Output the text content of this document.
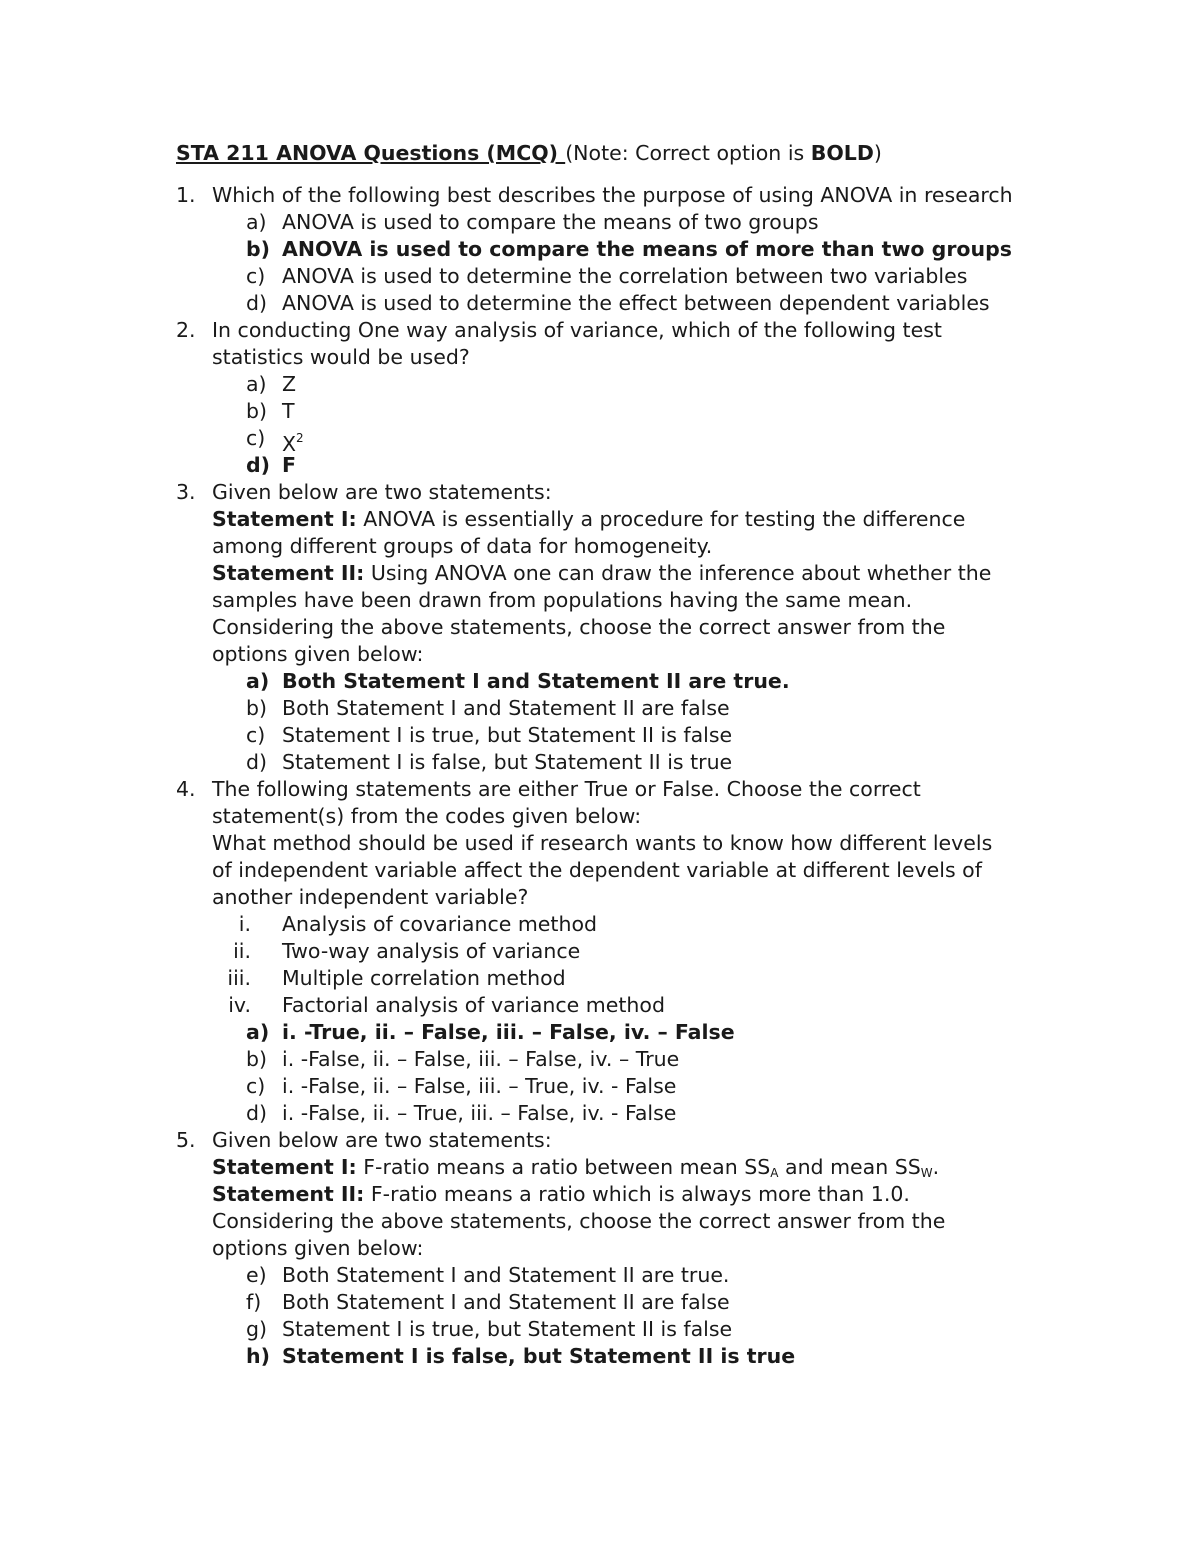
STA 211 ANOVA Questions (MCQ) (Note: Correct option is BOLD)
1. Which of the following best describes the purpose of using ANOVA in research
a) ANOVA is used to compare the means of two groups
b) ANOVA is used to compare the means of more than two groups
c) ANOVA is used to determine the correlation between two variables
d) ANOVA is used to determine the effect between dependent variables
2. In conducting One way analysis of variance, which of the following test
statistics would be used?
a) Z
b) T
c) $X^2$
d) F
3. Given below are two statements:
Statement I: ANOVA is essentially a procedure for testing the difference
among different groups of data for homogeneity.
Statement II: Using ANOVA one can draw the inference about whether the
samples have been drawn from populations having the same mean.
Considering the above statements, choose the correct answer from the
options given below:
a) Both Statement I and Statement II are true.
b) Both Statement I and Statement II are false
c) Statement I is true, but Statement II is false
d) Statement I is false, but Statement II is true
4. The following statements are either True or False. Choose the correct
statement(s) from the codes given below:
What method should be used if research wants to know how different levels
of independent variable affect the dependent variable at different levels of
another independent variable?
i. Analysis of covariance method
ii. Two-way analysis of variance
iii. Multiple correlation method
iv. Factorial analysis of variance method
a) i. -True, ii. – False, iii. – False, iv. – False
b) i. -False, ii. – False, iii. – False, iv. – True
c) i. -False, ii. – False, iii. – True, iv. - False
d) i. -False, ii. – True, iii. – False, iv. - False
5. Given below are two statements:
Statement I: F-ratio means a ratio between mean $SS_A$ and mean $SS_W$.
Statement II: F-ratio means a ratio which is always more than 1.0.
Considering the above statements, choose the correct answer from the
options given below:
e) Both Statement I and Statement II are true.
f) Both Statement I and Statement II are false
g) Statement I is true, but Statement II is false
h) Statement I is false, but Statement II is true
